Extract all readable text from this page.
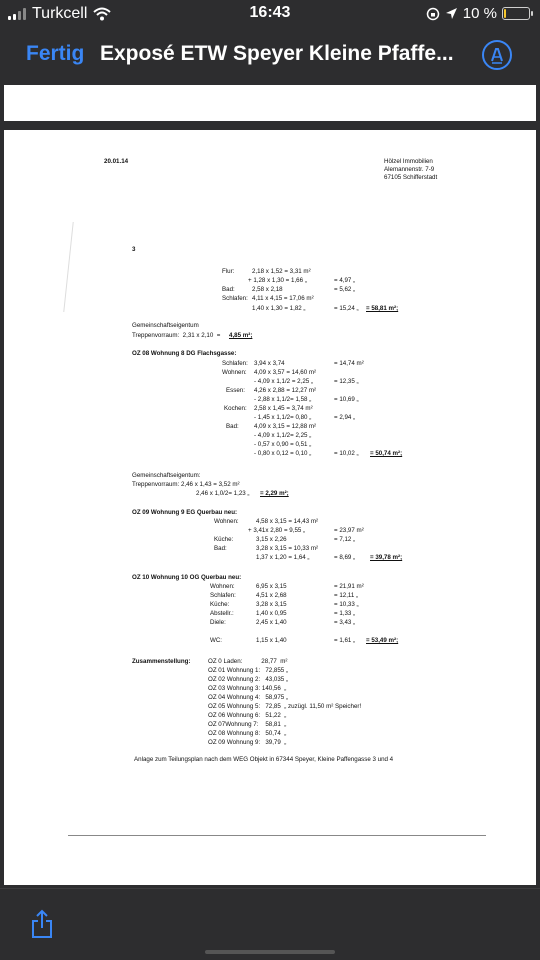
Turkcell	16:43	10 %
Fertig Exposé ETW Speyer Kleine Pfaffe...
20.01.14	Hölzel Immobilien
Alemannenstr. 7-9
67105 Schifferstadt
3
Flur:	2,18 x 1,52 = 3,31 m²
+ 1,28 x 1,30 = 1,66 „	= 4,97 „
Bad:	2,58 x 2,18	= 5,62 „
Schlafen: 4,11 x 4,15 = 17,06 m²
1,40 x 1,30 = 1,82 „	= 15,24 „ = 58,81 m²;
Gemeinschaftseigentum
Treppenvorraum:  2,31 x 2,10  = 4,85 m²;
OZ 08 Wohnung 8 DG Flachsgasse:
Schlafen: 3,94 x 3,74	= 14,74 m²
Wohnen: 4,09 x 3,57 = 14,60 m²
- 4,09 x 1,1/2 = 2,25 „	= 12,35 „
Essen: 4,26 x 2,88 = 12,27 m²
- 2,88 x 1,1/2= 1,58 „	= 10,69 „
Kochen: 2,58 x 1,45 = 3,74 m²
- 1,45 x 1,1/2= 0,80 „	= 2,94 „
Bad: 4,09 x 3,15 = 12,88 m²
- 4,09 x 1,1/2= 2,25 „
- 0,57 x 0,90 = 0,51 „
- 0,80 x 0,12 = 0,10 „	= 10,02 „ = 50,74 m²;
Gemeinschaftseigentum:
Treppenvorraum: 2,46 x 1,43 = 3,52 m²
2,46 x 1,0/2= 1,23 „ = 2,29 m²;
OZ 09 Wohnung 9 EG Querbau neu:
Wohnen:	4,58 x 3,15 = 14,43 m²
+ 3,41x 2,80 = 9,55 „	= 23,97 m²
Küche:	3,15 x 2,26	= 7,12 „
Bad:	3,28 x 3,15 = 10,33 m²
1,37 x 1,20 = 1,64 „	= 8,69 „ = 39,78 m²;
OZ 10 Wohnung 10 OG Querbau neu:
Wohnen:	6,95 x 3,15	= 21,91 m²
Schlafen:	4,51 x 2,68	= 12,11 „
Küche:	3,28 x 3,15	= 10,33 „
Abstellr.:	1,40 x 0,95	= 1,33 „
Diele:	2,45 x 1,40	= 3,43 „
WC:	1,15 x 1,40	= 1,61 „ = 53,49 m²;
Zusammenstellung:	OZ 0 Laden:           28,77  m²
OZ 01 Wohnung 1:   72,855 „
OZ 02 Wohnung 2:   43,035 „
OZ 03 Wohnung 3: 140,56  „
OZ 04 Wohnung 4:   58,975 „
OZ 05 Wohnung 5:   72,85  „ zuzügl. 11,50 m² Speicher!
OZ 06 Wohnung 6:   51,22  „
OZ 07Wohnung 7:    58,81  „
OZ 08 Wohnung 8:   50,74  „
OZ 09 Wohnung 9:   39,79  „
Anlage zum Teilungsplan nach dem WEG Objekt in 67344 Speyer, Kleine Paffengasse 3 und 4
